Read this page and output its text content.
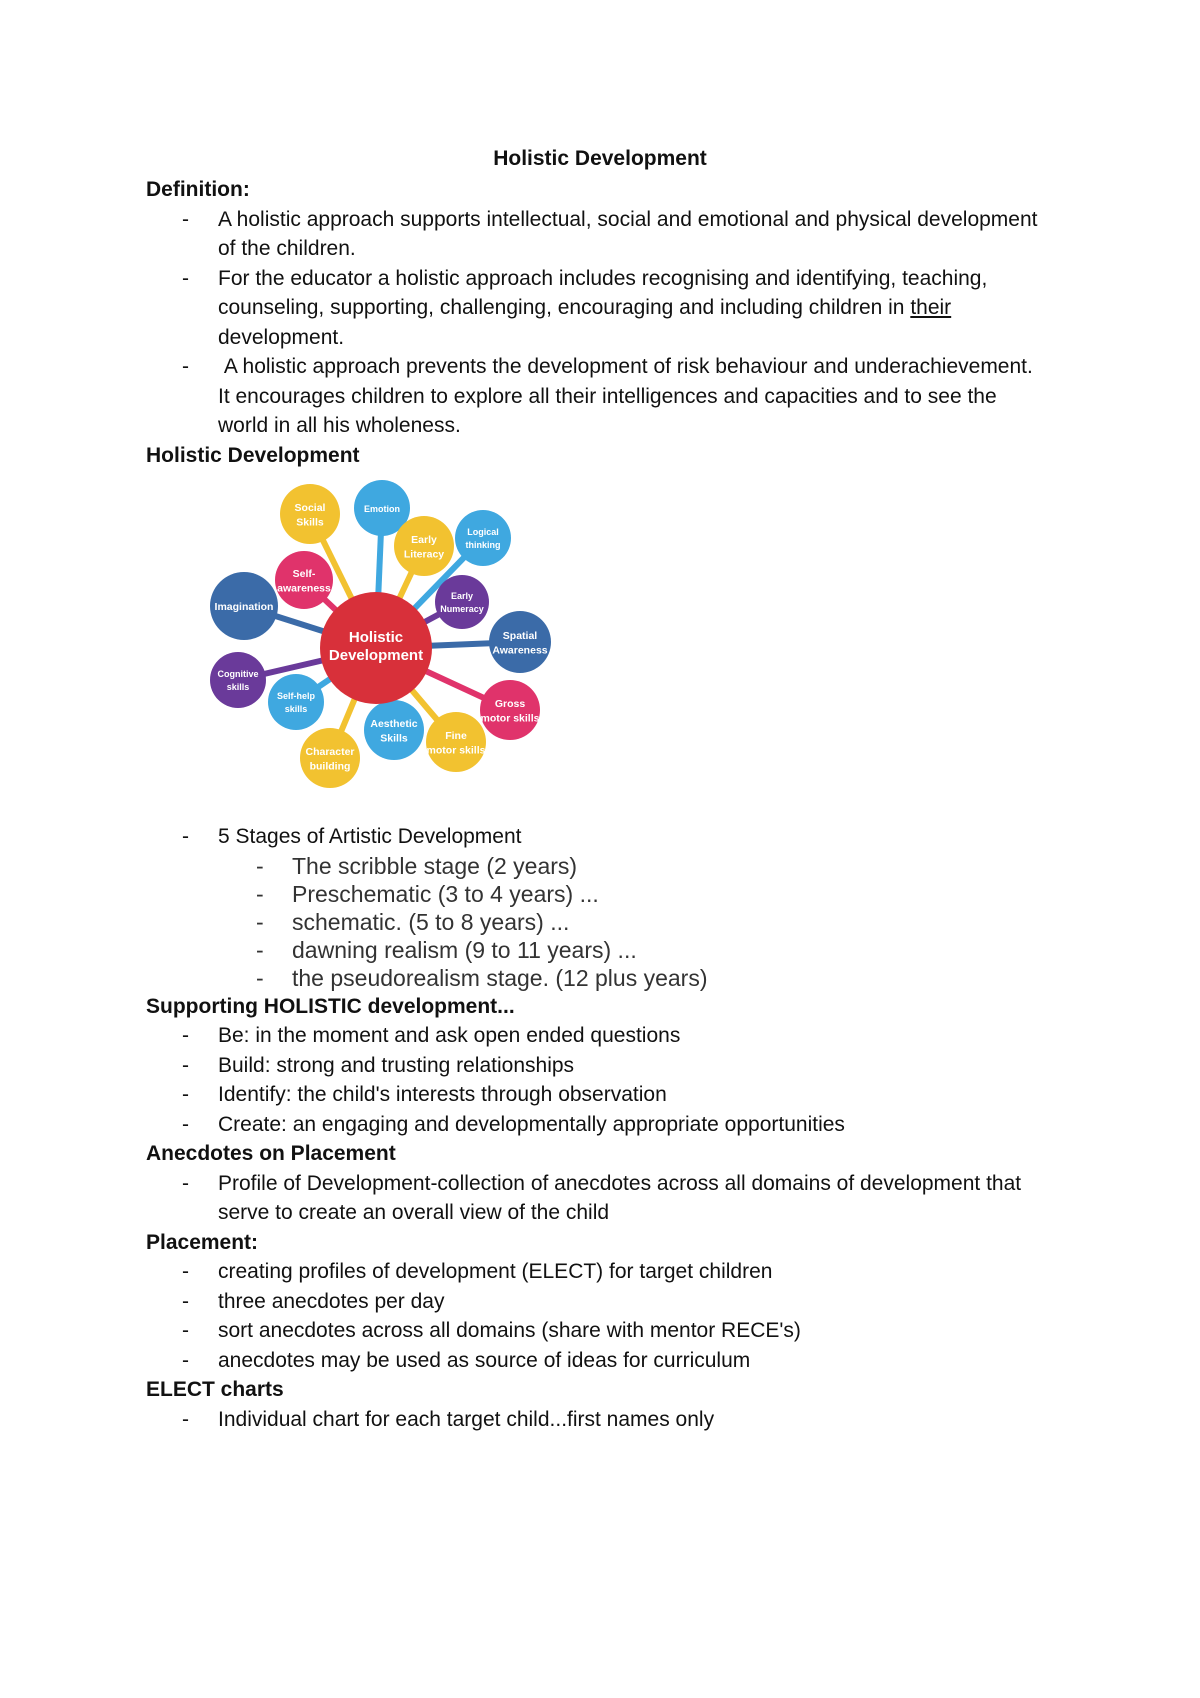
Holistic Development
Definition:
- A holistic approach supports intellectual, social and emotional and physical development of the children.
- For the educator a holistic approach includes recognising and identifying, teaching, counseling, supporting, challenging, encouraging and including children in their development.
- A holistic approach prevents the development of risk behaviour and underachievement. It encourages children to explore all their intelligences and capacities and to see the world in all his wholeness.
Holistic Development
Social
Skills
Emotion
Early
Literacy
Logical
thinking
Self-
awareness
Early
Numeracy
Imagination
Spatial
Awareness
Cognitive
skills
Self-help
skills	Gross
motor skills
Aesthetic
Skills	Fine
motor skills
Character
building
Holistic
Development
- 5 Stages of Artistic Development
- The scribble stage (2 years)
- Preschematic (3 to 4 years) ...
- schematic. (5 to 8 years) ...
- dawning realism (9 to 11 years) ...
- the pseudorealism stage. (12 plus years)
Supporting HOLISTIC development...
- Be: in the moment and ask open ended questions
- Build: strong and trusting relationships
- Identify: the child's interests through observation
- Create: an engaging and developmentally appropriate opportunities
Anecdotes on Placement
- Profile of Development-collection of anecdotes across all domains of development that serve to create an overall view of the child
Placement:
- creating profiles of development (ELECT) for target children
- three anecdotes per day
- sort anecdotes across all domains (share with mentor RECE's)
- anecdotes may be used as source of ideas for curriculum
ELECT charts
- Individual chart for each target child...first names only
